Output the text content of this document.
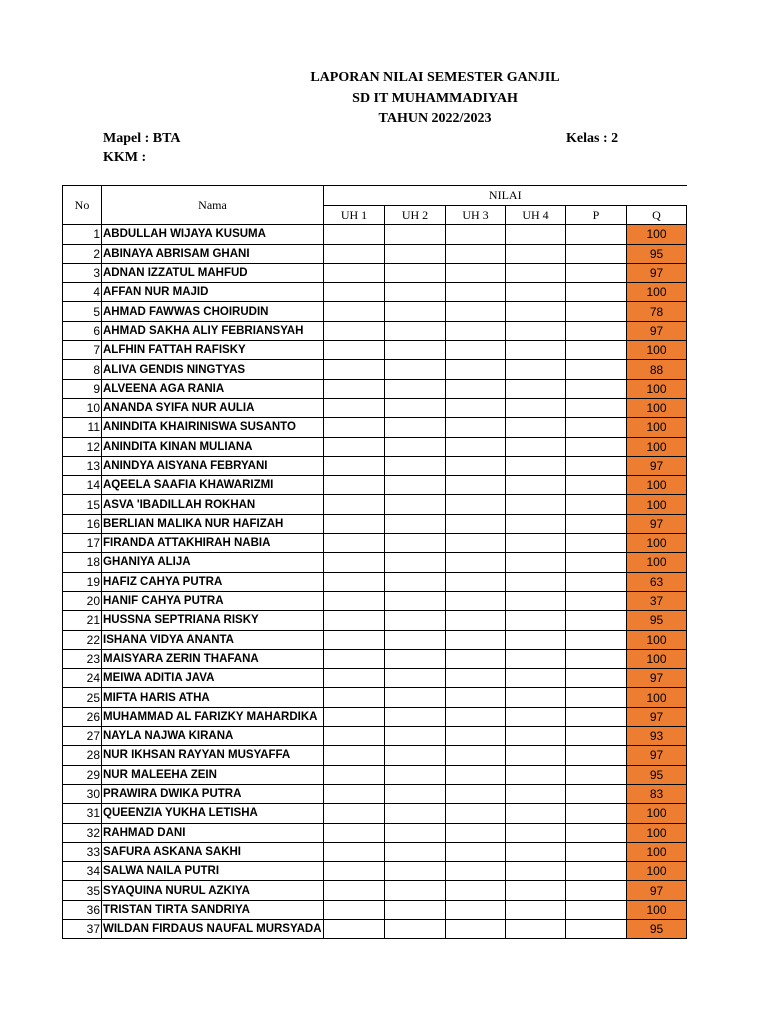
LAPORAN NILAI SEMESTER GANJIL
SD IT MUHAMMADIYAH
TAHUN 2022/2023
Mapel : BTA	Kelas : 2
KKM :
No	Nama	NILAI					
		UH 1	UH 2	UH 3	UH 4	P	Q
1	ABDULLAH WIJAYA KUSUMA						100
2	ABINAYA ABRISAM GHANI						95
3	ADNAN IZZATUL MAHFUD						97
4	AFFAN NUR MAJID						100
5	AHMAD FAWWAS CHOIRUDIN						78
6	AHMAD SAKHA ALIY FEBRIANSYAH						97
7	ALFHIN FATTAH RAFISKY						100
8	ALIVA GENDIS NINGTYAS						88
9	ALVEENA AGA RANIA						100
10	ANANDA SYIFA NUR AULIA						100
11	ANINDITA KHAIRINISWA SUSANTO						100
12	ANINDITA KINAN MULIANA						100
13	ANINDYA AISYANA FEBRYANI						97
14	AQEELA SAAFIA KHAWARIZMI						100
15	ASVA 'IBADILLAH ROKHAN						100
16	BERLIAN MALIKA NUR HAFIZAH						97
17	FIRANDA ATTAKHIRAH NABIA						100
18	GHANIYA ALIJA						100
19	HAFIZ CAHYA PUTRA						63
20	HANIF CAHYA PUTRA						37
21	HUSSNA SEPTRIANA RISKY						95
22	ISHANA VIDYA ANANTA						100
23	MAISYARA ZERIN THAFANA						100
24	MEIWA ADITIA JAVA						97
25	MIFTA HARIS ATHA						100
26	MUHAMMAD AL FARIZKY MAHARDIKA						97
27	NAYLA NAJWA KIRANA						93
28	NUR IKHSAN RAYYAN MUSYAFFA						97
29	NUR MALEEHA ZEIN						95
30	PRAWIRA DWIKA PUTRA						83
31	QUEENZIA YUKHA LETISHA						100
32	RAHMAD DANI						100
33	SAFURA ASKANA SAKHI						100
34	SALWA NAILA PUTRI						100
35	SYAQUINA NURUL AZKIYA						97
36	TRISTAN TIRTA SANDRIYA						100
37	WILDAN FIRDAUS NAUFAL MURSYADA						95
